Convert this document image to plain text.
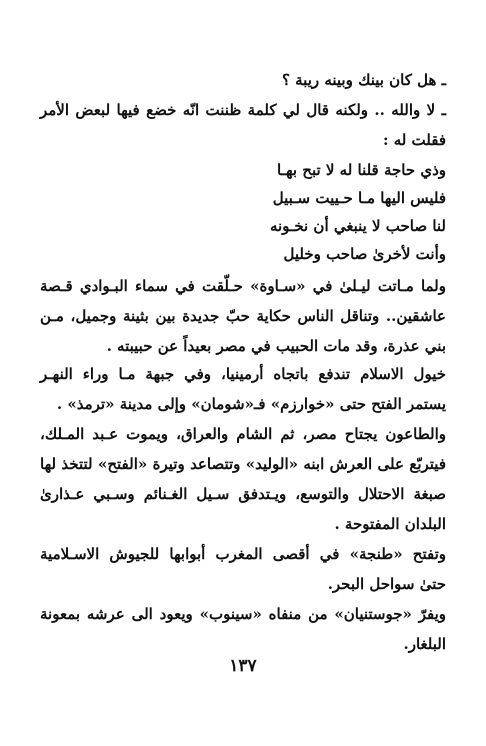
ـ هل كان بينك وبينه ريبة ؟
ـ لا والله .. ولكنه قال لي كلمة ظننت انّه خضع فيها لبعض الأمر
فقلت له :
وذي حاجة قلنا له لا تبح بهـا
فليس اليها مـا حـييت سـبيل
لنا صاحب لا ينبغي أن نخـونه
وأنت لأخرىٰ صاحب وخليل
ولما مـاتت ليـلىٰ في «سـاوة» حـلّقت في سماء البـوادي قـصة
عاشقين.. وتناقل الناس حكاية حبّ جديدة بين بثينة وجميل، مـن
بني عذرة، وقد مات الحبيب في مصر بعيداً عن حبيبته .
خيول الاسلام تندفع باتجاه أرمينيا، وفي جبهة مـا وراء النهـر
يستمر الفتح حتى «خوارزم» فـ«شومان» وإلى مدينة «ترمذ» .
والطاعون يجتاح مصر، ثم الشام والعراق، ويموت عـبد المـلك،
فيتربّع على العرش ابنه «الوليد» وتتصاعد وتيرة «الفتح» لتتخذ لها
صبغة الاحتلال والتوسع، ويـتدفق سـيل الغـنائم وسـبي عـذارىٰ
البلدان المفتوحة .
وتفتح «طنجة» في أقصى المغرب أبوابها للجيوش الاسـلامية
حتىٰ سواحل البحر.
ويفرّ «جوستنيان» من منفاه «سينوب» ويعود الى عرشه بمعونة
البلغار.
١٣٧
